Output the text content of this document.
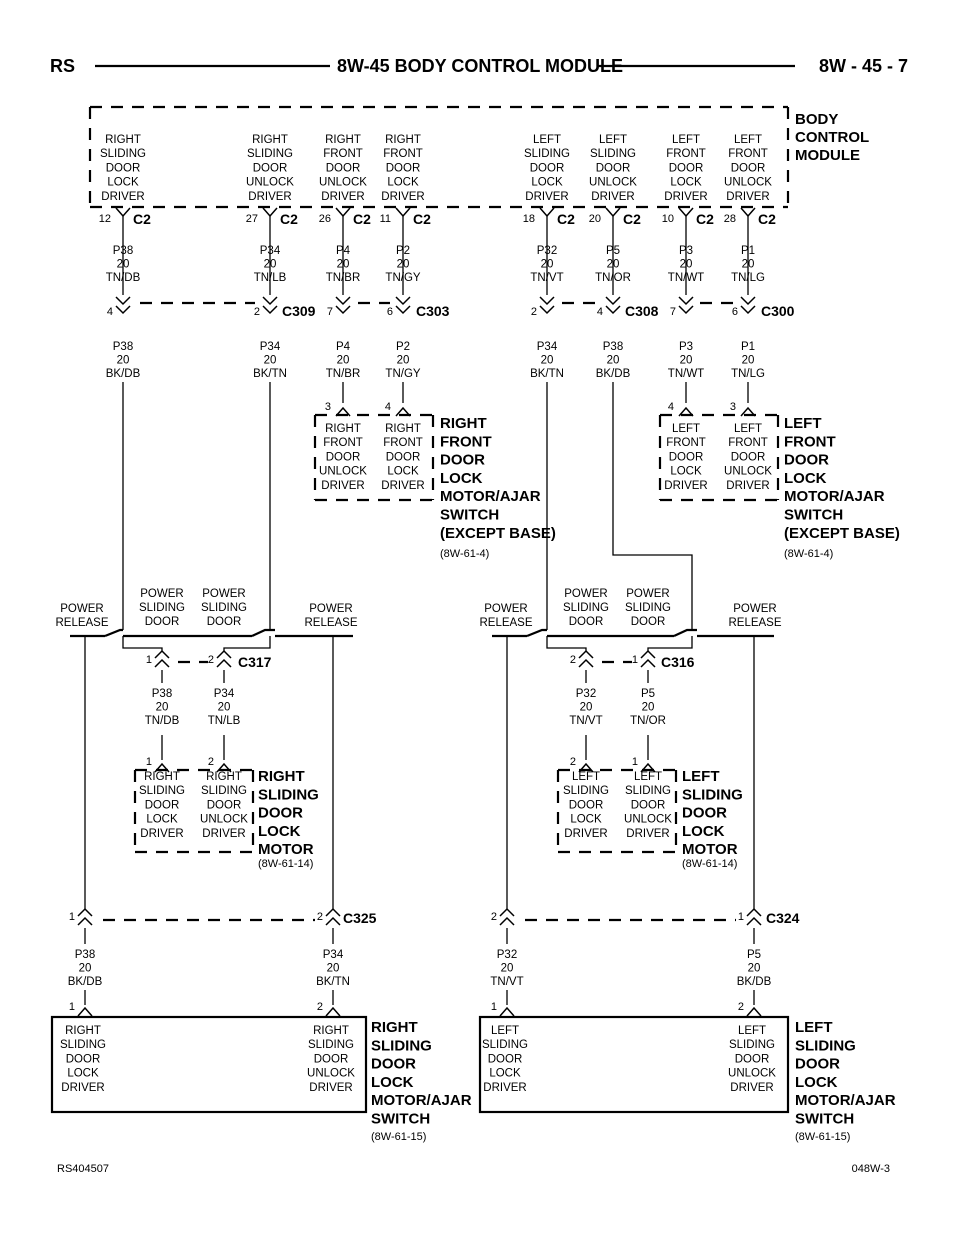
RS	8W-45 BODY CONTROL MODULE	8W - 45 - 7
BODY
CONTROL
MODULE
RIGHT
SLIDING
DOOR
LOCK
DRIVER
12 C2
P38
20
TN/DB
RIGHT
SLIDING
DOOR
UNLOCK
DRIVER
27 C2
P34
20
TN/LB
RIGHT
FRONT
DOOR
UNLOCK
DRIVER
26 C2
P4
20
TN/BR
RIGHT
FRONT
DOOR
LOCK
DRIVER
11 C2
P2
20
TN/GY
LEFT
SLIDING
DOOR
LOCK
DRIVER
18 C2
P32
20
TN/VT
LEFT
SLIDING
DOOR
UNLOCK
DRIVER
20 C2
P5
20
TN/OR
LEFT
FRONT
DOOR
LOCK
DRIVER
10 C2
P3
20
TN/WT
LEFT
FRONT
DOOR
UNLOCK
DRIVER
28 C2
P1
20
TN/LG
4
P38
20
BK/DB
2
P34
20
BK/TN
7
P4
20
TN/BR
6
P2
20
TN/GY
2
P34
20
BK/TN
4
P38
20
BK/DB
7
P3
20
TN/WT
6
P1
20
TN/LG
C309	C303	C308	C300
3
RIGHT
FRONT
DOOR
UNLOCK
DRIVER
4
RIGHT
FRONT
DOOR
LOCK
DRIVER
RIGHT
FRONT
DOOR
LOCK
MOTOR/AJAR
SWITCH
(EXCEPT BASE)
(8W-61-4)
4
LEFT
FRONT
DOOR
LOCK
DRIVER
3
LEFT
FRONT
DOOR
UNLOCK
DRIVER
LEFT
FRONT
DOOR
LOCK
MOTOR/AJAR
SWITCH
(EXCEPT BASE)
(8W-61-4)
POWER
RELEASE
POWER
SLIDING
DOOR
POWER
SLIDING
DOOR
POWER
RELEASE
POWER
RELEASE
POWER
SLIDING
DOOR
POWER
SLIDING
DOOR
POWER
RELEASE
1
P38
20
TN/DB
2
P34
20
TN/LB
C317	2
P32
20
TN/VT
1
P5
20
TN/OR
C316
1
RIGHT
SLIDING
DOOR
LOCK
DRIVER
2
RIGHT
SLIDING
DOOR
UNLOCK
DRIVER
RIGHT
SLIDING
DOOR
LOCK
MOTOR
(8W-61-14)
2
LEFT
SLIDING
DOOR
LOCK
DRIVER
1
LEFT
SLIDING
DOOR
UNLOCK
DRIVER
LEFT
SLIDING
DOOR
LOCK
MOTOR
(8W-61-14)
1
P38
20
BK/DB
2
P34
20
BK/TN
C325	2
P32
20
TN/VT
1
P5
20
BK/DB
C324
1	2
RIGHT
SLIDING
DOOR
LOCK
DRIVER
RIGHT
SLIDING
DOOR
UNLOCK
DRIVER
RIGHT
SLIDING
DOOR
LOCK
MOTOR/AJAR
SWITCH
(8W-61-15)
1	2
LEFT
SLIDING
DOOR
LOCK
DRIVER
LEFT
SLIDING
DOOR
UNLOCK
DRIVER
LEFT
SLIDING
DOOR
LOCK
MOTOR/AJAR
SWITCH
(8W-61-15)
RS404507	048W-3
